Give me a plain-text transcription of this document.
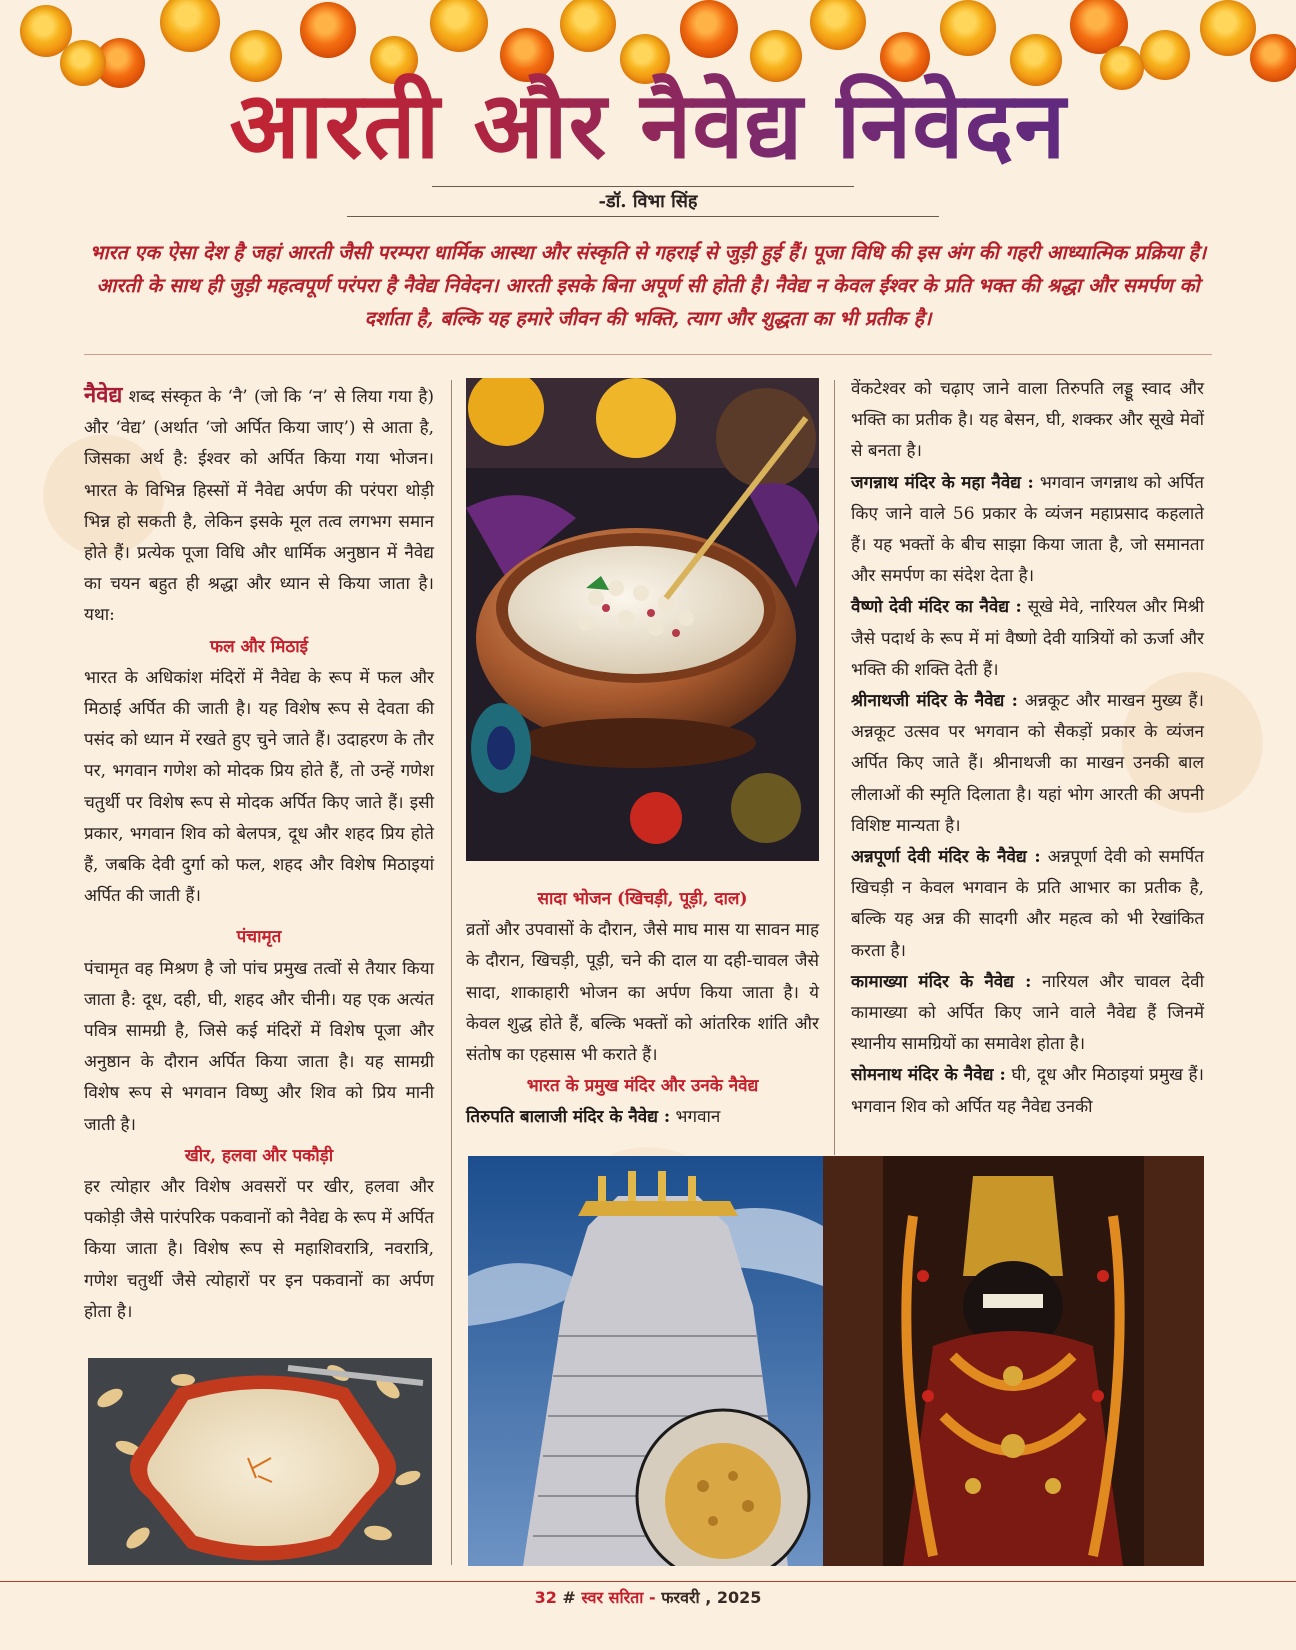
आरती और नैवेद्य निवेदन
-डॉ. विभा सिंह
भारत एक ऐसा देश है जहां आरती जैसी परम्परा धार्मिक आस्था और संस्कृति से गहराई से जुड़ी हुई हैं। पूजा विधि की इस अंग की गहरी आध्यात्मिक प्रक्रिया है। आरती के साथ ही जुड़ी महत्वपूर्ण परंपरा है नैवेद्य निवेदन। आरती इसके बिना अपूर्ण सी होती है। नैवेद्य न केवल ईश्वर के प्रति भक्त की श्रद्धा और समर्पण को दर्शाता है, बल्कि यह हमारे जीवन की भक्ति, त्याग और शुद्धता का भी प्रतीक है।

नैवेद्य शब्द संस्कृत के ‘नै’ (जो कि ‘न’ से लिया गया है) और ‘वेद्य’ (अर्थात ‘जो अर्पित किया जाए’) से आता है, जिसका अर्थ है: ईश्वर को अर्पित किया गया भोजन। भारत के विभिन्न हिस्सों में नैवेद्य अर्पण की परंपरा थोड़ी भिन्न हो सकती है, लेकिन इसके मूल तत्व लगभग समान होते हैं। प्रत्येक पूजा विधि और धार्मिक अनुष्ठान में नैवेद्य का चयन बहुत ही श्रद्धा और ध्यान से किया जाता है। यथा:

फल और मिठाई

भारत के अधिकांश मंदिरों में नैवेद्य के रूप में फल और मिठाई अर्पित की जाती है। यह विशेष रूप से देवता की पसंद को ध्यान में रखते हुए चुने जाते हैं। उदाहरण के तौर पर, भगवान गणेश को मोदक प्रिय होते हैं, तो उन्हें गणेश चतुर्थी पर विशेष रूप से मोदक अर्पित किए जाते हैं। इसी प्रकार, भगवान शिव को बेलपत्र, दूध और शहद प्रिय होते हैं, जबकि देवी दुर्गा को फल, शहद और विशेष मिठाइयां अर्पित की जाती हैं।

पंचामृत

पंचामृत वह मिश्रण है जो पांच प्रमुख तत्वों से तैयार किया जाता है: दूध, दही, घी, शहद और चीनी। यह एक अत्यंत पवित्र सामग्री है, जिसे कई मंदिरों में विशेष पूजा और अनुष्ठान के दौरान अर्पित किया जाता है। यह सामग्री विशेष रूप से भगवान विष्णु और शिव को प्रिय मानी जाती है।

खीर, हलवा और पकौड़ी

हर त्योहार और विशेष अवसरों पर खीर, हलवा और पकोड़ी जैसे पारंपरिक पकवानों को नैवेद्य के रूप में अर्पित किया जाता है। विशेष रूप से महाशिवरात्रि, नवरात्रि, गणेश चतुर्थी जैसे त्योहारों पर इन पकवानों का अर्पण होता है।

सादा भोजन (खिचड़ी, पूड़ी, दाल)

व्रतों और उपवासों के दौरान, जैसे माघ मास या सावन माह के दौरान, खिचड़ी, पूड़ी, चने की दाल या दही-चावल जैसे सादा, शाकाहारी भोजन का अर्पण किया जाता है। ये केवल शुद्ध होते हैं, बल्कि भक्तों को आंतरिक शांति और संतोष का एहसास भी कराते हैं।

भारत के प्रमुख मंदिर और उनके नैवेद्य

तिरुपति बालाजी मंदिर के नैवेद्य : भगवान

वेंकटेश्वर को चढ़ाए जाने वाला तिरुपति लड्डू स्वाद और भक्ति का प्रतीक है। यह बेसन, घी, शक्कर और सूखे मेवों से बनता है।

जगन्नाथ मंदिर के महा नैवेद्य : भगवान जगन्नाथ को अर्पित किए जाने वाले 56 प्रकार के व्यंजन महाप्रसाद कहलाते हैं। यह भक्तों के बीच साझा किया जाता है, जो समानता और समर्पण का संदेश देता है।

वैष्णो देवी मंदिर का नैवेद्य : सूखे मेवे, नारियल और मिश्री जैसे पदार्थ के रूप में मां वैष्णो देवी यात्रियों को ऊर्जा और भक्ति की शक्ति देती हैं।

श्रीनाथजी मंदिर के नैवेद्य : अन्नकूट और माखन मुख्य हैं। अन्नकूट उत्सव पर भगवान को सैकड़ों प्रकार के व्यंजन अर्पित किए जाते हैं। श्रीनाथजी का माखन उनकी बाल लीलाओं की स्मृति दिलाता है। यहां भोग आरती की अपनी विशिष्ट मान्यता है।

अन्नपूर्णा देवी मंदिर के नैवेद्य : अन्नपूर्णा देवी को समर्पित खिचड़ी न केवल भगवान के प्रति आभार का प्रतीक है, बल्कि यह अन्न की सादगी और महत्व को भी रेखांकित करता है।

कामाख्या मंदिर के नैवेद्य : नारियल और चावल देवी कामाख्या को अर्पित किए जाने वाले नैवेद्य हैं जिनमें स्थानीय सामग्रियों का समावेश होता है।

सोमनाथ मंदिर के नैवेद्य : घी, दूध और मिठाइयां प्रमुख हैं। भगवान शिव को अर्पित यह नैवेद्य उनकी

32 # स्वर सरिता - फरवरी , 2025
